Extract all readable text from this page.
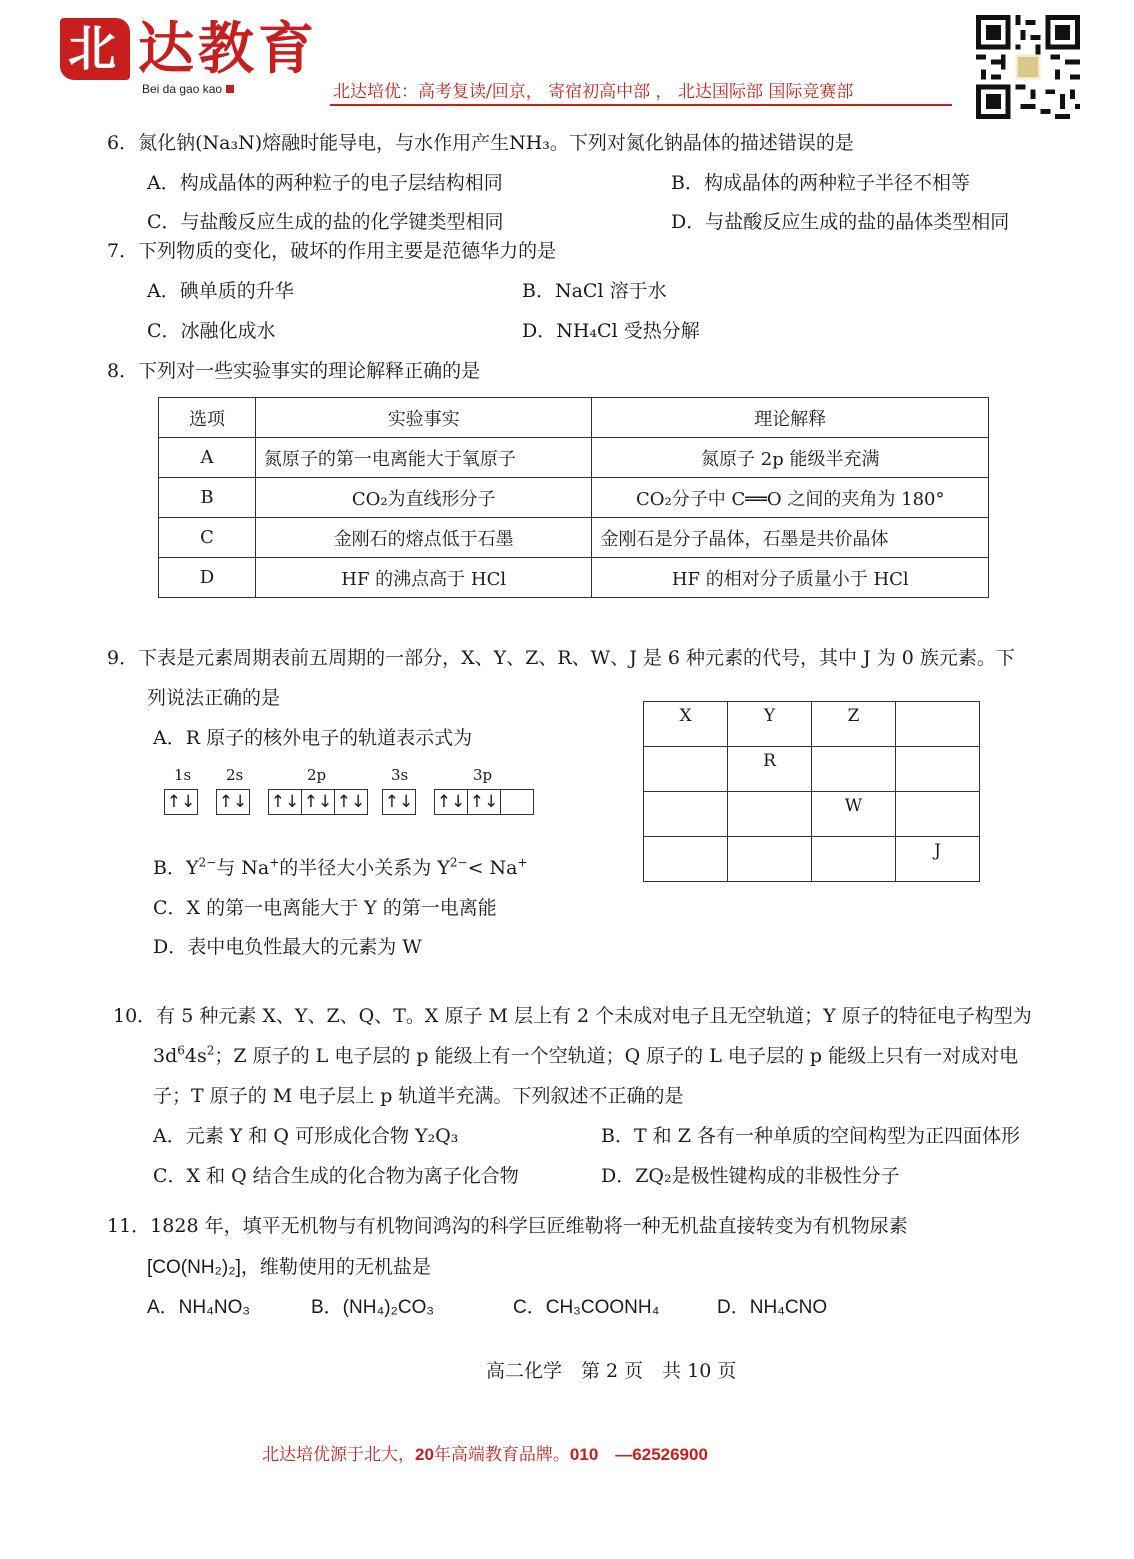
北 达教育
Bei da gao kao	北达培优：高考复读/回京， 寄宿初高中部 ， 北达国际部 国际竞赛部
6．氮化钠(Na₃N)熔融时能导电，与水作用产生NH₃。下列对氮化钠晶体的描述错误的是
A．构成晶体的两种粒子的电子层结构相同	B．构成晶体的两种粒子半径不相等
C．与盐酸反应生成的盐的化学键类型相同	D．与盐酸反应生成的盐的晶体类型相同
7．下列物质的变化，破坏的作用主要是范德华力的是
A．碘单质的升华	B．NaCl 溶于水
C．冰融化成水	D．NH₄Cl 受热分解
8．下列对一些实验事实的理论解释正确的是
选项	实验事实	理论解释
A	氮原子的第一电离能大于氧原子	氮原子 2p 能级半充满
B	CO₂为直线形分子	CO₂分子中 C══O 之间的夹角为 180°
C	金刚石的熔点低于石墨	金刚石是分子晶体，石墨是共价晶体
D	HF 的沸点高于 HCl	HF 的相对分子质量小于 HCl
9．下表是元素周期表前五周期的一部分，X、Y、Z、R、W、J 是 6 种元素的代号，其中 J 为 0 族元素。下
列说法正确的是
A．R 原子的核外电子的轨道表示式为
1s 2s	2p	3s	3p
↑↓ ↑↓ ↑↓ ↑↓ ↑↓ ↑↓ ↑↓ ↑↓
B．$Y^{2-}$与 Na+的半径大小关系为 $Y^{2-}< Na^+$
C．X 的第一电离能大于 Y 的第一电离能
D．表中电负性最大的元素为 W
X	Y	Z	
	R		
		W	
			J
10．有 5 种元素 X、Y、Z、Q、T。X 原子 M 层上有 2 个未成对电子且无空轨道；Y 原子的特征电子构型为
$3d^64s^2$；Z 原子的 L 电子层的 p 能级上有一个空轨道；Q 原子的 L 电子层的 p 能级上只有一对成对电
子；T 原子的 M 电子层上 p 轨道半充满。下列叙述不正确的是
A．元素 Y 和 Q 可形成化合物 Y₂Q₃	B．T 和 Z 各有一种单质的空间构型为正四面体形
C．X 和 Q 结合生成的化合物为离子化合物	D．ZQ₂是极性键构成的非极性分子
11．1828 年，填平无机物与有机物间鸿沟的科学巨匠维勒将一种无机盐直接转变为有机物尿素
[CO(NH₂)₂]，维勒使用的无机盐是
A．NH₄NO₃	B．(NH₄)₂CO₃	C．CH₃COONH₄	D．NH₄CNO
高二化学　第 2 页　共 10 页
北达培优源于北大，20年高端教育品牌。010　—62526900
